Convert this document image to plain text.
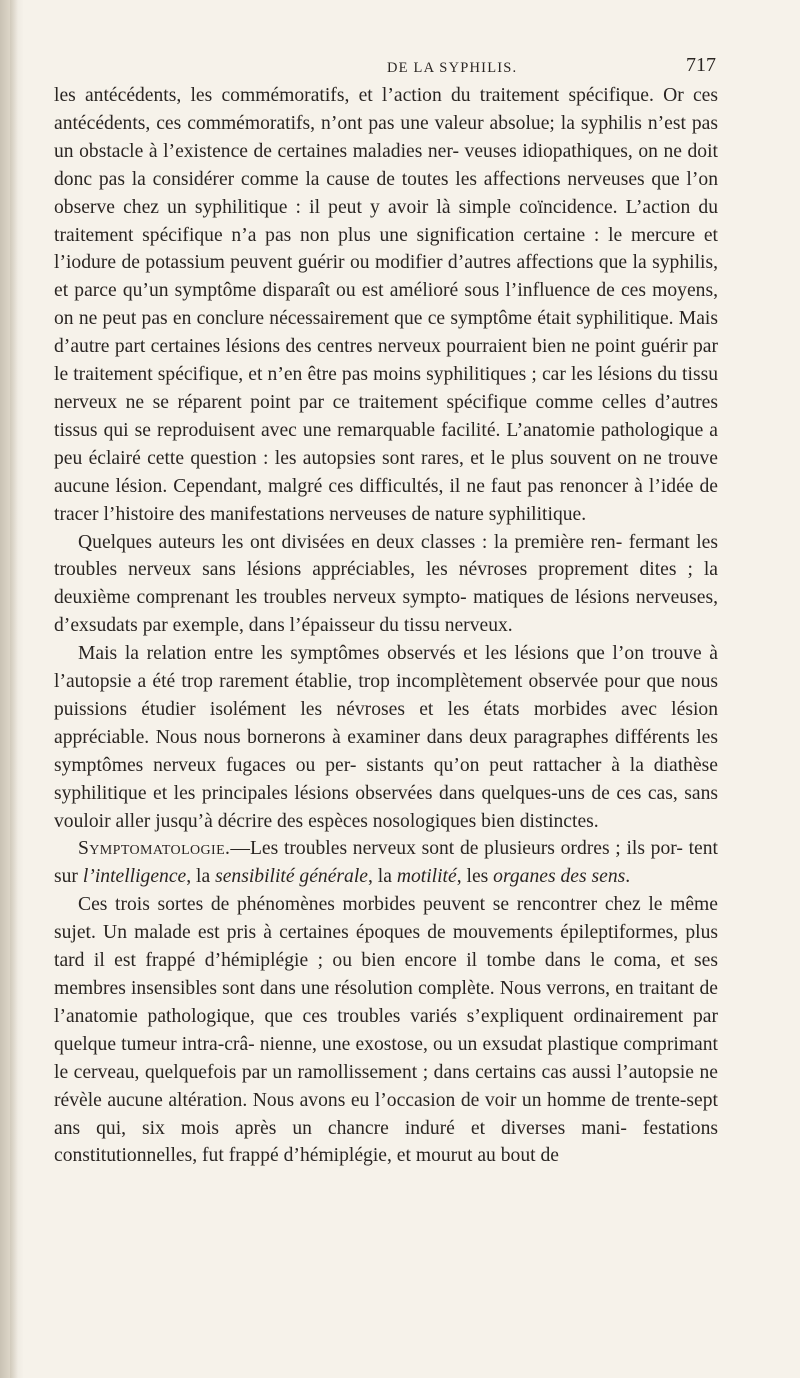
DE LA SYPHILIS.	717

les antécédents, les commémoratifs, et l’action du traitement spécifique. Or ces antécédents, ces commémoratifs, n’ont pas une valeur absolue; la syphilis n’est pas un obstacle à l’existence de certaines maladies ner- veuses idiopathiques, on ne doit donc pas la considérer comme la cause de toutes les affections nerveuses que l’on observe chez un syphilitique : il peut y avoir là simple coïncidence. L’action du traitement spécifique n’a pas non plus une signification certaine : le mercure et l’iodure de potassium peuvent guérir ou modifier d’autres affections que la syphilis, et parce qu’un symptôme disparaît ou est amélioré sous l’influence de ces moyens, on ne peut pas en conclure nécessairement que ce symptôme était syphilitique. Mais d’autre part certaines lésions des centres nerveux pourraient bien ne point guérir par le traitement spécifique, et n’en être pas moins syphilitiques ; car les lésions du tissu nerveux ne se réparent point par ce traitement spécifique comme celles d’autres tissus qui se reproduisent avec une remarquable facilité. L’anatomie pathologique a peu éclairé cette question : les autopsies sont rares, et le plus souvent on ne trouve aucune lésion. Cependant, malgré ces difficultés, il ne faut pas renoncer à l’idée de tracer l’histoire des manifestations nerveuses de nature syphilitique.

Quelques auteurs les ont divisées en deux classes : la première ren- fermant les troubles nerveux sans lésions appréciables, les névroses proprement dites ; la deuxième comprenant les troubles nerveux sympto- matiques de lésions nerveuses, d’exsudats par exemple, dans l’épaisseur du tissu nerveux.

Mais la relation entre les symptômes observés et les lésions que l’on trouve à l’autopsie a été trop rarement établie, trop incomplètement observée pour que nous puissions étudier isolément les névroses et les états morbides avec lésion appréciable. Nous nous bornerons à examiner dans deux paragraphes différents les symptômes nerveux fugaces ou per- sistants qu’on peut rattacher à la diathèse syphilitique et les principales lésions observées dans quelques-uns de ces cas, sans vouloir aller jusqu’à décrire des espèces nosologiques bien distinctes.

Symptomatologie.—Les troubles nerveux sont de plusieurs ordres ; ils por- tent sur l’intelligence, la sensibilité générale, la motilité, les organes des sens.

Ces trois sortes de phénomènes morbides peuvent se rencontrer chez le même sujet. Un malade est pris à certaines époques de mouvements épileptiformes, plus tard il est frappé d’hémiplégie ; ou bien encore il tombe dans le coma, et ses membres insensibles sont dans une résolution complète. Nous verrons, en traitant de l’anatomie pathologique, que ces troubles variés s’expliquent ordinairement par quelque tumeur intra-crâ- nienne, une exostose, ou un exsudat plastique comprimant le cerveau, quelquefois par un ramollissement ; dans certains cas aussi l’autopsie ne révèle aucune altération. Nous avons eu l’occasion de voir un homme de trente-sept ans qui, six mois après un chancre induré et diverses mani- festations constitutionnelles, fut frappé d’hémiplégie, et mourut au bout de
